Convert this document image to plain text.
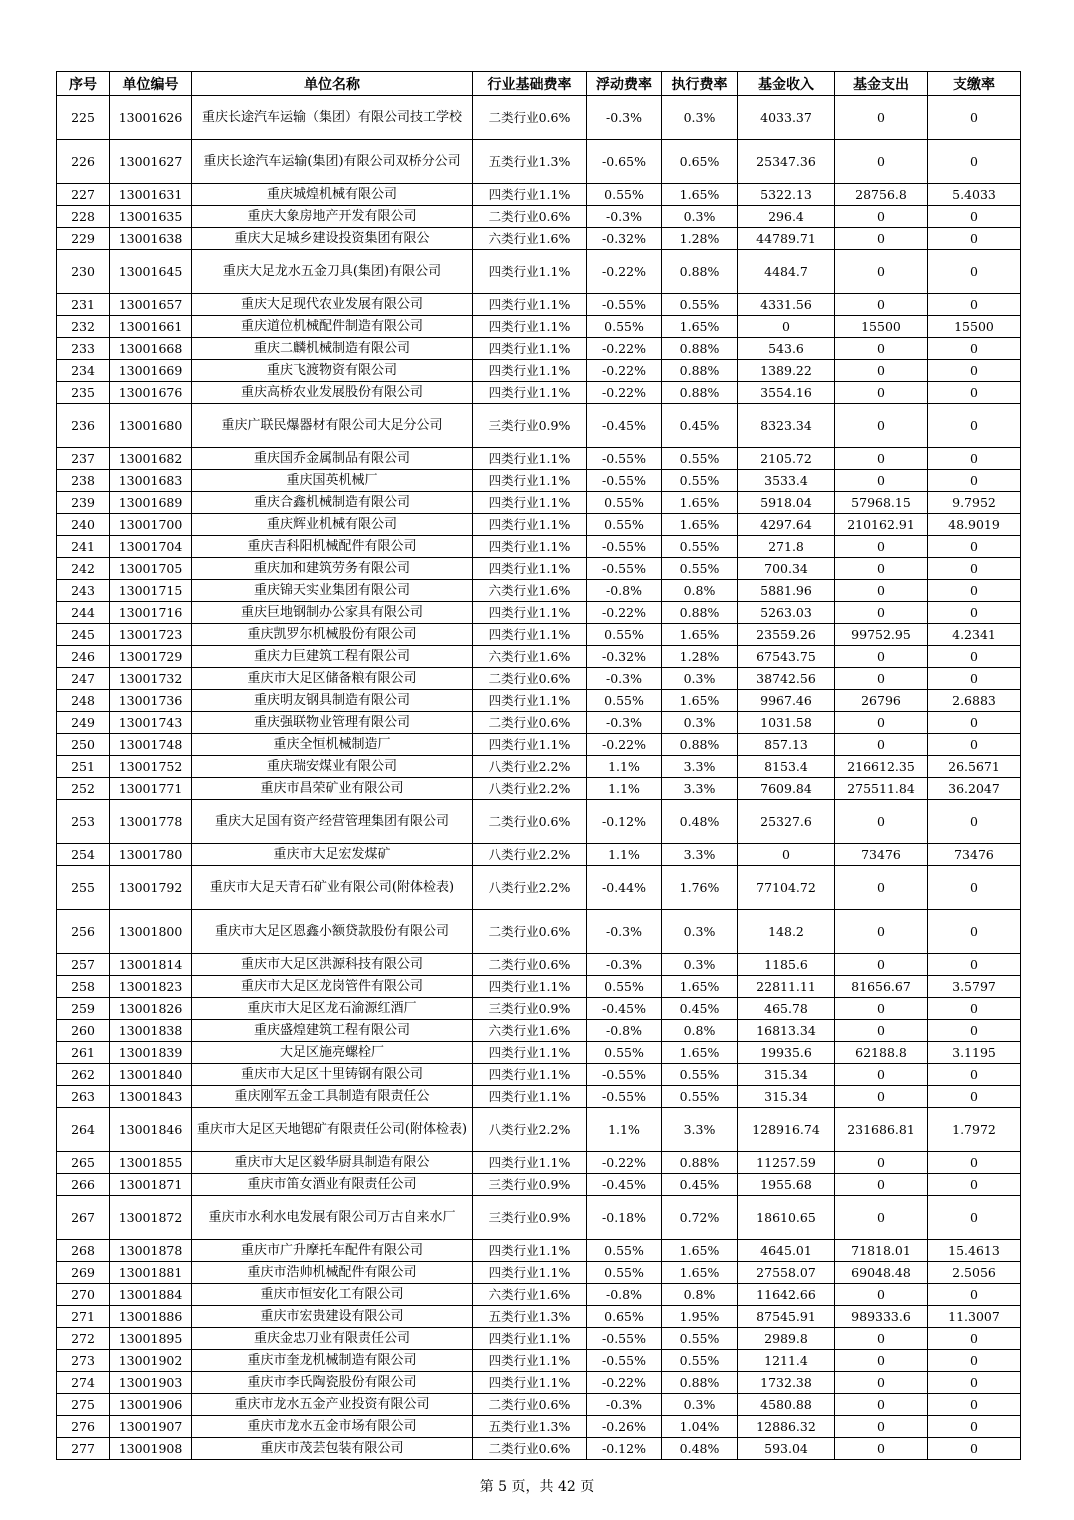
序号	单位编号	单位名称	行业基础费率	浮动费率	执行费率	基金收入	基金支出	支缴率
225	13001626	重庆长途汽车运输（集团）有限公司技工学校	二类行业0.6%	-0.3%	0.3%	4033.37	0	0
226	13001627	重庆长途汽车运输(集团)有限公司双桥分公司	五类行业1.3%	-0.65%	0.65%	25347.36	0	0
227	13001631	重庆城煌机械有限公司	四类行业1.1%	0.55%	1.65%	5322.13	28756.8	5.4033
228	13001635	重庆大象房地产开发有限公司	二类行业0.6%	-0.3%	0.3%	296.4	0	0
229	13001638	重庆大足城乡建设投资集团有限公	六类行业1.6%	-0.32%	1.28%	44789.71	0	0
230	13001645	重庆大足龙水五金刀具(集团)有限公司	四类行业1.1%	-0.22%	0.88%	4484.7	0	0
231	13001657	重庆大足现代农业发展有限公司	四类行业1.1%	-0.55%	0.55%	4331.56	0	0
232	13001661	重庆道位机械配件制造有限公司	四类行业1.1%	0.55%	1.65%	0	15500	15500
233	13001668	重庆二麟机械制造有限公司	四类行业1.1%	-0.22%	0.88%	543.6	0	0
234	13001669	重庆飞渡物资有限公司	四类行业1.1%	-0.22%	0.88%	1389.22	0	0
235	13001676	重庆高桥农业发展股份有限公司	四类行业1.1%	-0.22%	0.88%	3554.16	0	0
236	13001680	重庆广联民爆器材有限公司大足分公司	三类行业0.9%	-0.45%	0.45%	8323.34	0	0
237	13001682	重庆国乔金属制品有限公司	四类行业1.1%	-0.55%	0.55%	2105.72	0	0
238	13001683	重庆国英机械厂	四类行业1.1%	-0.55%	0.55%	3533.4	0	0
239	13001689	重庆合鑫机械制造有限公司	四类行业1.1%	0.55%	1.65%	5918.04	57968.15	9.7952
240	13001700	重庆辉业机械有限公司	四类行业1.1%	0.55%	1.65%	4297.64	210162.91	48.9019
241	13001704	重庆吉科阳机械配件有限公司	四类行业1.1%	-0.55%	0.55%	271.8	0	0
242	13001705	重庆加和建筑劳务有限公司	四类行业1.1%	-0.55%	0.55%	700.34	0	0
243	13001715	重庆锦天实业集团有限公司	六类行业1.6%	-0.8%	0.8%	5881.96	0	0
244	13001716	重庆巨地钢制办公家具有限公司	四类行业1.1%	-0.22%	0.88%	5263.03	0	0
245	13001723	重庆凯罗尔机械股份有限公司	四类行业1.1%	0.55%	1.65%	23559.26	99752.95	4.2341
246	13001729	重庆力巨建筑工程有限公司	六类行业1.6%	-0.32%	1.28%	67543.75	0	0
247	13001732	重庆市大足区储备粮有限公司	二类行业0.6%	-0.3%	0.3%	38742.56	0	0
248	13001736	重庆明友钢具制造有限公司	四类行业1.1%	0.55%	1.65%	9967.46	26796	2.6883
249	13001743	重庆强联物业管理有限公司	二类行业0.6%	-0.3%	0.3%	1031.58	0	0
250	13001748	重庆全恒机械制造厂	四类行业1.1%	-0.22%	0.88%	857.13	0	0
251	13001752	重庆瑞安煤业有限公司	八类行业2.2%	1.1%	3.3%	8153.4	216612.35	26.5671
252	13001771	重庆市昌荣矿业有限公司	八类行业2.2%	1.1%	3.3%	7609.84	275511.84	36.2047
253	13001778	重庆大足国有资产经营管理集团有限公司	二类行业0.6%	-0.12%	0.48%	25327.6	0	0
254	13001780	重庆市大足宏发煤矿	八类行业2.2%	1.1%	3.3%	0	73476	73476
255	13001792	重庆市大足天青石矿业有限公司(附体检表)	八类行业2.2%	-0.44%	1.76%	77104.72	0	0
256	13001800	重庆市大足区恩鑫小额贷款股份有限公司	二类行业0.6%	-0.3%	0.3%	148.2	0	0
257	13001814	重庆市大足区洪源科技有限公司	二类行业0.6%	-0.3%	0.3%	1185.6	0	0
258	13001823	重庆市大足区龙岗管件有限公司	四类行业1.1%	0.55%	1.65%	22811.11	81656.67	3.5797
259	13001826	重庆市大足区龙石渝源红酒厂	三类行业0.9%	-0.45%	0.45%	465.78	0	0
260	13001838	重庆盛煌建筑工程有限公司	六类行业1.6%	-0.8%	0.8%	16813.34	0	0
261	13001839	大足区施亮螺栓厂	四类行业1.1%	0.55%	1.65%	19935.6	62188.8	3.1195
262	13001840	重庆市大足区十里铸钢有限公司	四类行业1.1%	-0.55%	0.55%	315.34	0	0
263	13001843	重庆刚军五金工具制造有限责任公	四类行业1.1%	-0.55%	0.55%	315.34	0	0
264	13001846	重庆市大足区天地锶矿有限责任公司(附体检表)	八类行业2.2%	1.1%	3.3%	128916.74	231686.81	1.7972
265	13001855	重庆市大足区毅华厨具制造有限公	四类行业1.1%	-0.22%	0.88%	11257.59	0	0
266	13001871	重庆市笛女酒业有限责任公司	三类行业0.9%	-0.45%	0.45%	1955.68	0	0
267	13001872	重庆市水利水电发展有限公司万古自来水厂	三类行业0.9%	-0.18%	0.72%	18610.65	0	0
268	13001878	重庆市广升摩托车配件有限公司	四类行业1.1%	0.55%	1.65%	4645.01	71818.01	15.4613
269	13001881	重庆市浩帅机械配件有限公司	四类行业1.1%	0.55%	1.65%	27558.07	69048.48	2.5056
270	13001884	重庆市恒安化工有限公司	六类行业1.6%	-0.8%	0.8%	11642.66	0	0
271	13001886	重庆市宏贵建设有限公司	五类行业1.3%	0.65%	1.95%	87545.91	989333.6	11.3007
272	13001895	重庆金忠刀业有限责任公司	四类行业1.1%	-0.55%	0.55%	2989.8	0	0
273	13001902	重庆市奎龙机械制造有限公司	四类行业1.1%	-0.55%	0.55%	1211.4	0	0
274	13001903	重庆市李氏陶瓷股份有限公司	四类行业1.1%	-0.22%	0.88%	1732.38	0	0
275	13001906	重庆市龙水五金产业投资有限公司	二类行业0.6%	-0.3%	0.3%	4580.88	0	0
276	13001907	重庆市龙水五金市场有限公司	五类行业1.3%	-0.26%	1.04%	12886.32	0	0
277	13001908	重庆市茂芸包装有限公司	二类行业0.6%	-0.12%	0.48%	593.04	0	0
第 5 页，共 42 页
